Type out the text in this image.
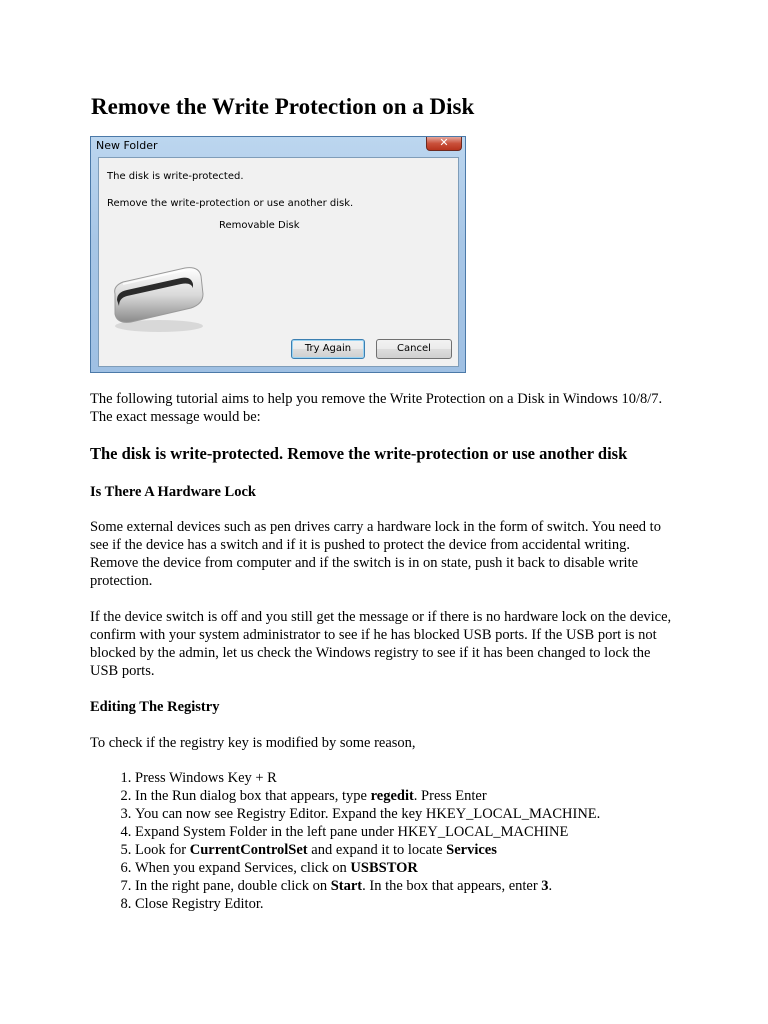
Remove the Write Protection on a Disk
New Folder	✕
The disk is write-protected.
Remove the write-protection or use another disk.
Removable Disk
Try Again	Cancel

The following tutorial aims to help you remove the Write Protection on a Disk in Windows 10/8/7. The exact message would be:

The disk is write-protected. Remove the write-protection or use another disk
Is There A Hardware Lock

Some external devices such as pen drives carry a hardware lock in the form of switch. You need to see if the device has a switch and if it is pushed to protect the device from accidental writing. Remove the device from computer and if the switch is in on state, push it back to disable write protection.

If the device switch is off and you still get the message or if there is no hardware lock on the device, confirm with your system administrator to see if he has blocked USB ports. If the USB port is not blocked by the admin, let us check the Windows registry to see if it has been changed to lock the USB ports.

Editing The Registry

To check if the registry key is modified by some reason,

1. Press Windows Key + R
2. In the Run dialog box that appears, type regedit. Press Enter
3. You can now see Registry Editor. Expand the key HKEY_LOCAL_MACHINE.
4. Expand System Folder in the left pane under HKEY_LOCAL_MACHINE
5. Look for CurrentControlSet and expand it to locate Services
6. When you expand Services, click on USBSTOR
7. In the right pane, double click on Start. In the box that appears, enter 3.
8. Close Registry Editor.
